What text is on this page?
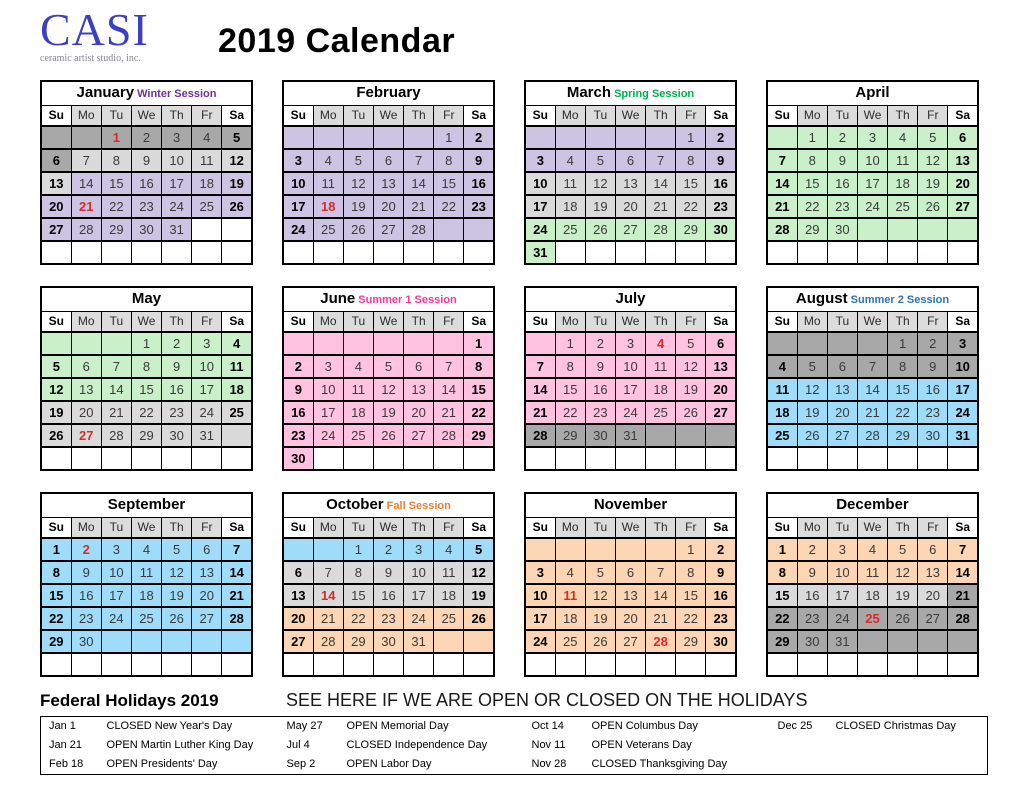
CASI
ceramic artist studio, inc.	2019 Calendar
January Winter Session						
Su	Mo	Tu	We	Th	Fr	Sa
		1	2	3	4	5
6	7	8	9	10	11	12
13	14	15	16	17	18	19
20	21	22	23	24	25	26
27	28	29	30	31		

February						
Su	Mo	Tu	We	Th	Fr	Sa
					1	2
3	4	5	6	7	8	9
10	11	12	13	14	15	16
17	18	19	20	21	22	23
24	25	26	27	28		

March Spring Session						
Su	Mo	Tu	We	Th	Fr	Sa
					1	2
3	4	5	6	7	8	9
10	11	12	13	14	15	16
17	18	19	20	21	22	23
24	25	26	27	28	29	30
31						
April						
Su	Mo	Tu	We	Th	Fr	Sa
	1	2	3	4	5	6
7	8	9	10	11	12	13
14	15	16	17	18	19	20
21	22	23	24	25	26	27
28	29	30				

May						
Su	Mo	Tu	We	Th	Fr	Sa
			1	2	3	4
5	6	7	8	9	10	11
12	13	14	15	16	17	18
19	20	21	22	23	24	25
26	27	28	29	30	31	

June Summer 1 Session						
Su	Mo	Tu	We	Th	Fr	Sa
						1
2	3	4	5	6	7	8
9	10	11	12	13	14	15
16	17	18	19	20	21	22
23	24	25	26	27	28	29
30						
July						
Su	Mo	Tu	We	Th	Fr	Sa
	1	2	3	4	5	6
7	8	9	10	11	12	13
14	15	16	17	18	19	20
21	22	23	24	25	26	27
28	29	30	31			

August Summer 2 Session						
Su	Mo	Tu	We	Th	Fr	Sa
				1	2	3
4	5	6	7	8	9	10
11	12	13	14	15	16	17
18	19	20	21	22	23	24
25	26	27	28	29	30	31

September						
Su	Mo	Tu	We	Th	Fr	Sa
1	2	3	4	5	6	7
8	9	10	11	12	13	14
15	16	17	18	19	20	21
22	23	24	25	26	27	28
29	30					

October Fall Session						
Su	Mo	Tu	We	Th	Fr	Sa
		1	2	3	4	5
6	7	8	9	10	11	12
13	14	15	16	17	18	19
20	21	22	23	24	25	26
27	28	29	30	31		

November						
Su	Mo	Tu	We	Th	Fr	Sa
					1	2
3	4	5	6	7	8	9
10	11	12	13	14	15	16
17	18	19	20	21	22	23
24	25	26	27	28	29	30

December						
Su	Mo	Tu	We	Th	Fr	Sa
1	2	3	4	5	6	7
8	9	10	11	12	13	14
15	16	17	18	19	20	21
22	23	24	25	26	27	28
29	30	31				

Federal Holidays 2019	SEE HERE IF WE ARE OPEN OR CLOSED ON THE HOLIDAYS
Jan 1	CLOSED New Year's Day	May 27	OPEN Memorial Day	Oct 14	OPEN Columbus Day	Dec 25	CLOSED Christmas Day
Jan 21	OPEN Martin Luther King Day	Jul 4	CLOSED Independence Day	Nov 11	OPEN Veterans Day		
Feb 18	OPEN Presidents' Day	Sep 2	OPEN Labor Day	Nov 28	CLOSED Thanksgiving Day		
